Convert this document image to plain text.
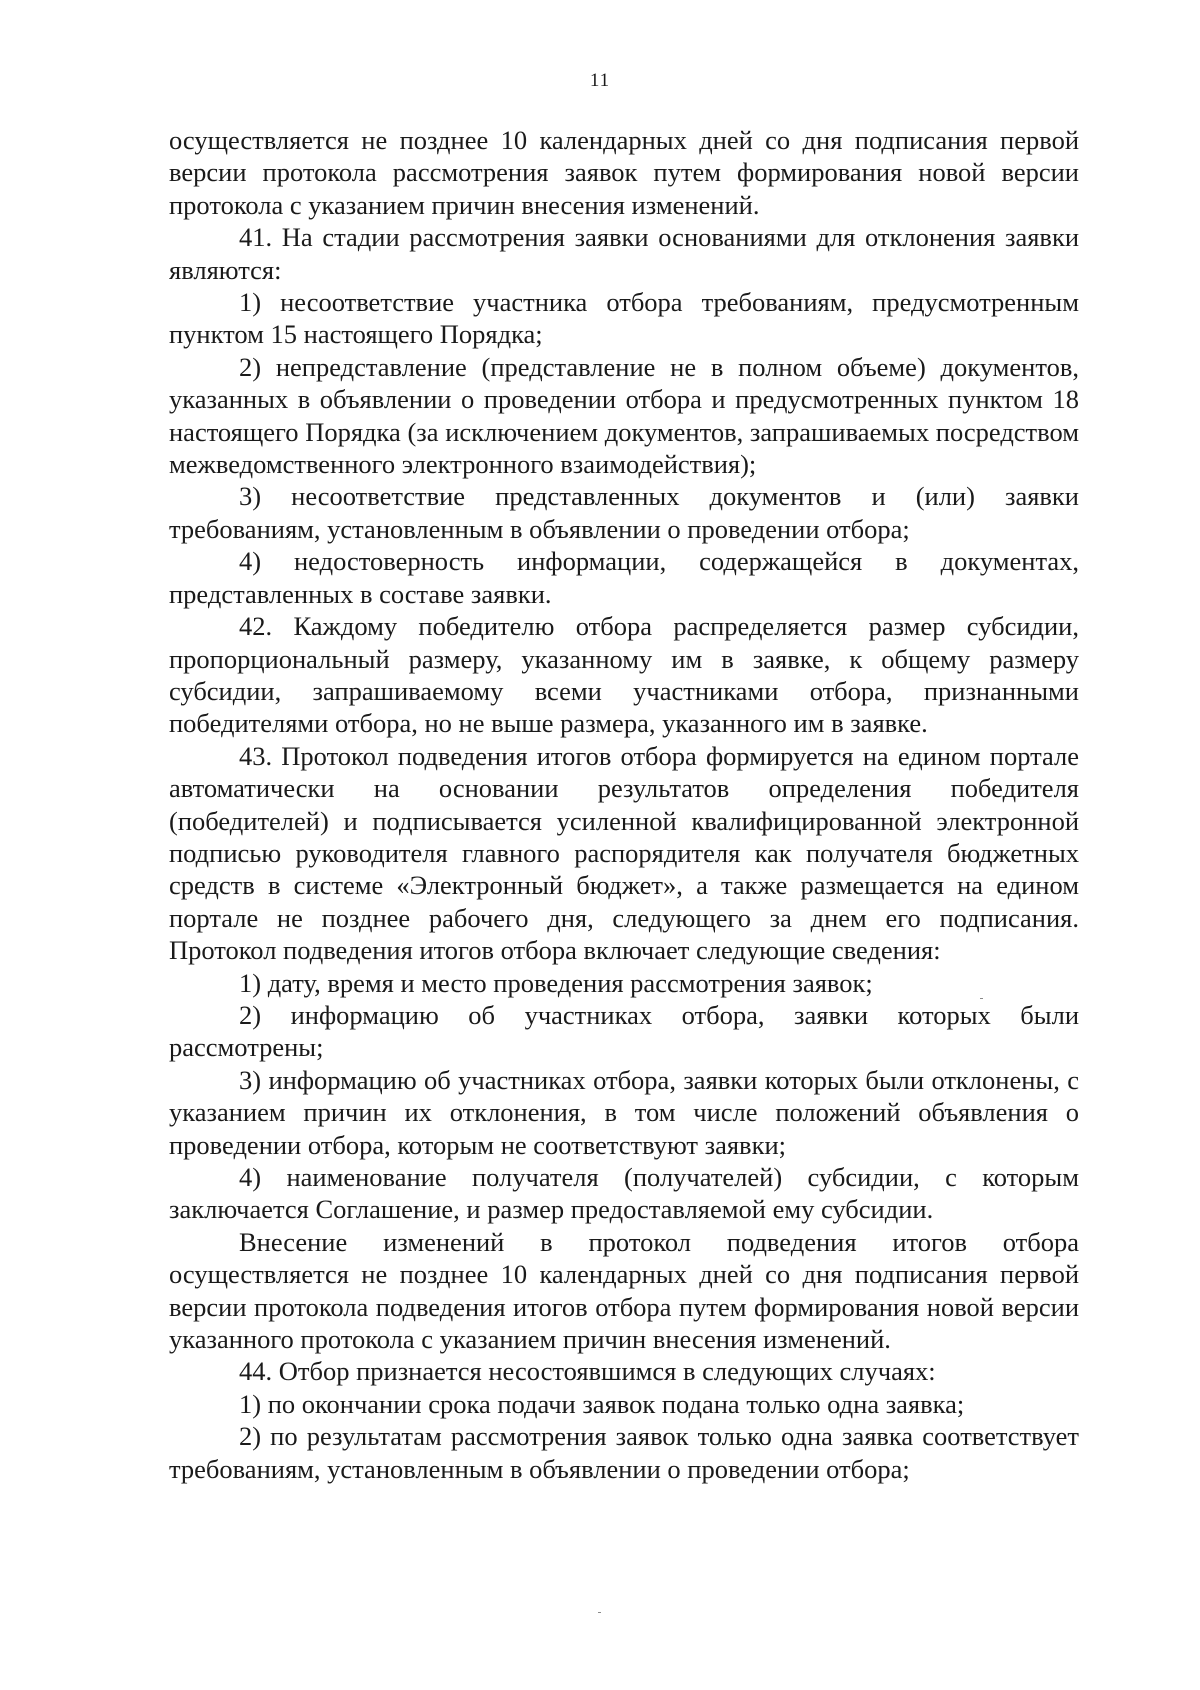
11

осуществляется не позднее 10 календарных дней со дня подписания первой версии протокола рассмотрения заявок путем формирования новой версии протокола с указанием причин внесения изменений.

41. На стадии рассмотрения заявки основаниями для отклонения заявки являются:

1) несоответствие участника отбора требованиям, предусмотренным пунктом 15 настоящего Порядка;

2) непредставление (представление не в полном объеме) документов, указанных в объявлении о проведении отбора и предусмотренных пунктом 18 настоящего Порядка (за исключением документов, запрашиваемых посредством межведомственного электронного взаимодействия);

3) несоответствие представленных документов и (или) заявки требованиям, установленным в объявлении о проведении отбора;

4) недостоверность информации, содержащейся в документах, представленных в составе заявки.

42. Каждому победителю отбора распределяется размер субсидии, пропорциональный размеру, указанному им в заявке, к общему размеру субсидии, запрашиваемому всеми участниками отбора, признанными победителями отбора, но не выше размера, указанного им в заявке.

43. Протокол подведения итогов отбора формируется на едином портале автоматически на основании результатов определения победителя (победителей) и подписывается усиленной квалифицированной электронной подписью руководителя главного распорядителя как получателя бюджетных средств в системе «Электронный бюджет», а также размещается на едином портале не позднее рабочего дня, следующего за днем его подписания. Протокол подведения итогов отбора включает следующие сведения:

1) дату, время и место проведения рассмотрения заявок;

2) информацию об участниках отбора, заявки которых были рассмотрены;

3) информацию об участниках отбора, заявки которых были отклонены, с указанием причин их отклонения, в том числе положений объявления о проведении отбора, которым не соответствуют заявки;

4) наименование получателя (получателей) субсидии, с которым заключается Соглашение, и размер предоставляемой ему субсидии.

Внесение изменений в протокол подведения итогов отбора осуществляется не позднее 10 календарных дней со дня подписания первой версии протокола подведения итогов отбора путем формирования новой версии указанного протокола с указанием причин внесения изменений.

44. Отбор признается несостоявшимся в следующих случаях:

1) по окончании срока подачи заявок подана только одна заявка;

2) по результатам рассмотрения заявок только одна заявка соответствует требованиям, установленным в объявлении о проведении отбора;
